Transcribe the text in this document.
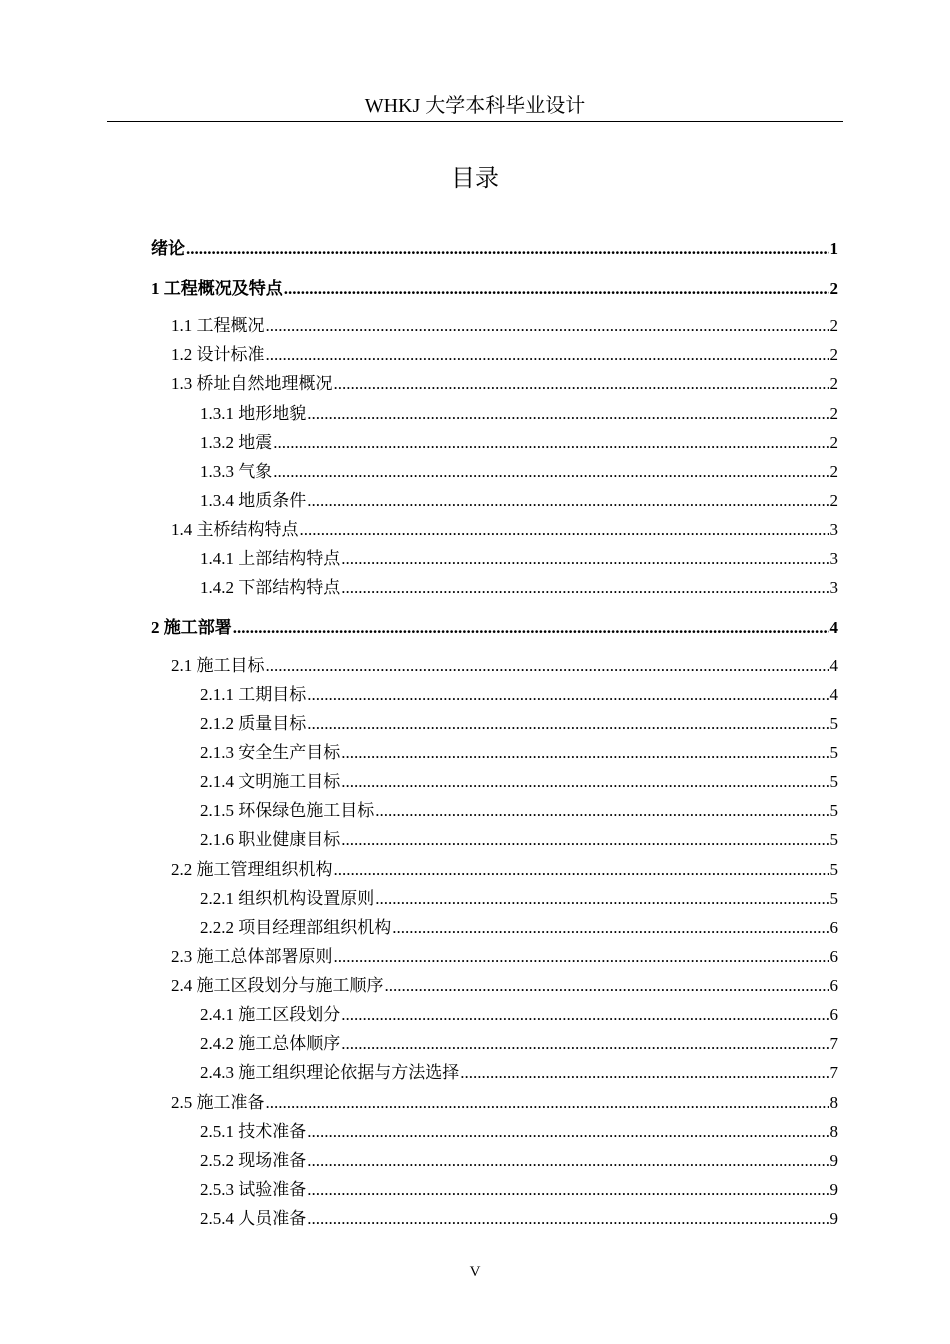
WHKJ 大学本科毕业设计
目录
绪论 .....	1
1 工程概况及特点 .....	2
1.1 工程概况 .....	2
1.2 设计标准 .....	2
1.3 桥址自然地理概况 .....	2
1.3.1 地形地貌 .....	2
1.3.2 地震 .....	2
1.3.3 气象 .....	2
1.3.4 地质条件 .....	2
1.4 主桥结构特点 .....	3
1.4.1 上部结构特点 .....	3
1.4.2 下部结构特点 .....	3
2 施工部署 .....	4
2.1 施工目标 .....	4
2.1.1 工期目标 .....	4
2.1.2 质量目标 .....	5
2.1.3 安全生产目标 .....	5
2.1.4 文明施工目标 .....	5
2.1.5 环保绿色施工目标 .....	5
2.1.6 职业健康目标 .....	5
2.2 施工管理组织机构 .....	5
2.2.1 组织机构设置原则 .....	5
2.2.2 项目经理部组织机构 .....	6
2.3 施工总体部署原则 .....	6
2.4 施工区段划分与施工顺序 .....	6
2.4.1 施工区段划分 .....	6
2.4.2 施工总体顺序 .....	7
2.4.3 施工组织理论依据与方法选择 .....	7
2.5 施工准备 .....	8
2.5.1 技术准备 .....	8
2.5.2 现场准备 .....	9
2.5.3 试验准备 .....	9
2.5.4 人员准备 .....	9
V
